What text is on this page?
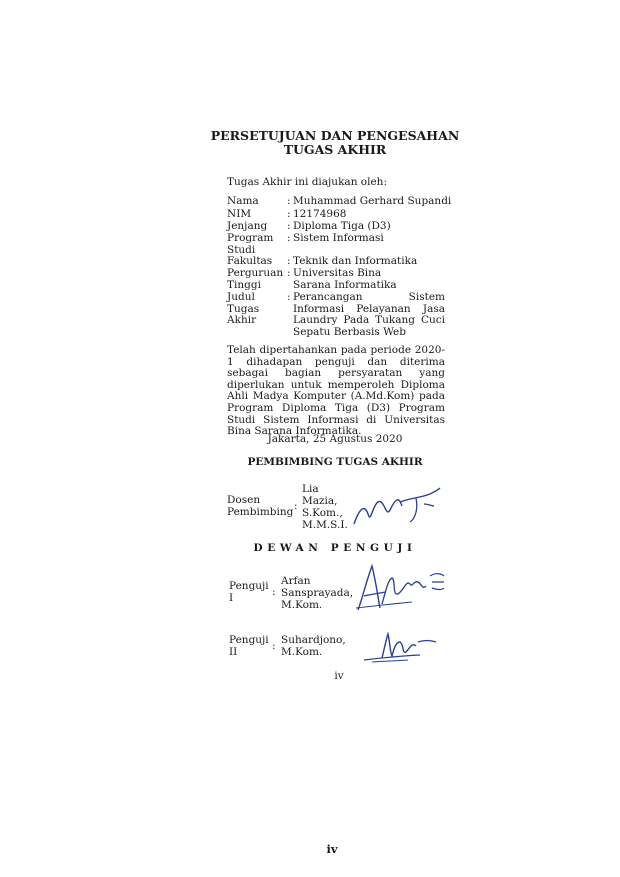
PERSETUJUAN DAN PENGESAHAN
TUGAS AKHIR
Tugas Akhir ini diajukan oleh:
Nama	: Muhammad Gerhard Supandi
NIM	: 12174968
Jenjang	: Diploma Tiga (D3)
Program Studi
: Sistem Informasi
Fakultas	: Teknik dan Informatika
Perguruan Tinggi
: Universitas Bina Sarana Informatika
Judul Tugas Akhir
: Perancangan Sistem Informasi Pelayanan Jasa Laundry Pada Tukang Cuci Sepatu Berbasis Web
Telah dipertahankan pada periode 2020-1 dihadapan penguji dan diterima sebagai bagian persyaratan yang diperlukan untuk memperoleh Diploma Ahli Madya Komputer (A.Md.Kom) pada Program Diploma Tiga (D3) Program Studi Sistem Informasi di Universitas Bina Sarana Informatika.
Jakarta, 25 Agustus 2020
PEMBIMBING TUGAS AKHIR
Dosen Pembimbing :
Lia Mazia, S.Kom., M.M.S.I.
DEWAN PENGUJI
Penguji I	:
Arfan Sansprayada, M.Kom.
Penguji II	: Suhardjono, M.Kom.
iv
iv
